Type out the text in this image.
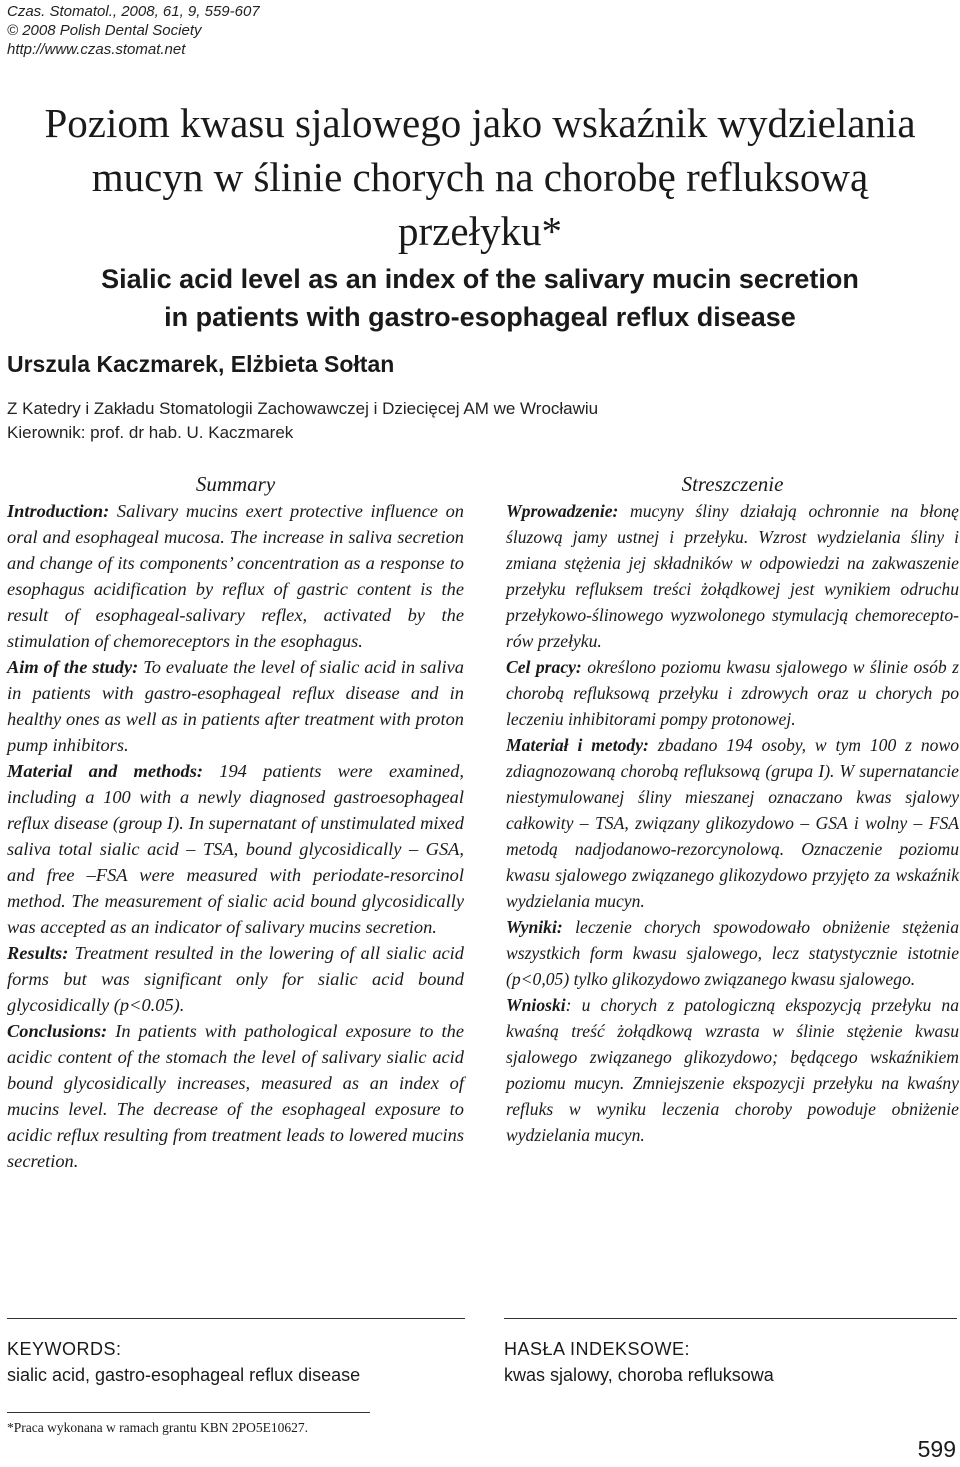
Czas. Stomatol., 2008, 61, 9, 559-607
© 2008 Polish Dental Society
http://www.czas.stomat.net
Poziom kwasu sjalowego jako wskaźnik wydzielania
mucyn w ślinie chorych na chorobę refluksową
przełyku*
Sialic acid level as an index of the salivary mucin secretion
in patients with gastro-esophageal reflux disease
Urszula Kaczmarek, Elżbieta Sołtan
Z Katedry i Zakładu Stomatologii Zachowawczej i Dziecięcej AM we Wrocławiu
Kierownik: prof. dr hab. U. Kaczmarek
Summary

Introduction: Salivary mucins exert protective influence on oral and esophageal mucosa. The increase in saliva secretion and change of its components’ concentration as a response to esophagus acidification by reflux of gastric content is the result of esophageal-salivary reflex, activated by the stimulation of chemoreceptors in the esophagus.

Aim of the study: To evaluate the level of sialic acid in saliva in patients with gastro-esophageal reflux disease and in healthy ones as well as in patients after treatment with proton pump inhibitors.

Material and methods: 194 patients were examined, including a 100 with a newly diagnosed gastroesophageal reflux disease (group I). In supernatant of unstimulated mixed saliva total sialic acid – TSA, bound glycosidically – GSA, and free –FSA were measured with periodate-resorcinol method. The measurement of sialic acid bound glycosidically was accepted as an indicator of salivary mucins secretion.

Results: Treatment resulted in the lowering of all sialic acid forms but was significant only for sialic acid bound glycosidically (p<0.05).

Conclusions: In patients with pathological exposure to the acidic content of the stomach the level of salivary sialic acid bound glycosidically increases, measured as an index of mucins level. The decrease of the esophageal exposure to acidic reflux resulting from treatment leads to lowered mucins secretion.

Streszczenie

Wprowadzenie: mucyny śliny działają ochronnie na błonę śluzową jamy ustnej i przełyku. Wzrost wydzielania śliny i zmiana stężenia jej składników w odpowiedzi na zakwaszenie przełyku refluksem treści żołądkowej jest wynikiem odruchu przełykowo-ślinowego wyzwolonego stymulacją chemoreceptorów przełyku.

Cel pracy: określono poziomu kwasu sjalowego w ślinie osób z chorobą refluksową przełyku i zdrowych oraz u chorych po leczeniu inhibitorami pompy protonowej.

Materiał i metody: zbadano 194 osoby, w tym 100 z nowo zdiagnozowaną chorobą refluksową (grupa I). W supernatancie niestymulowanej śliny mieszanej oznaczano kwas sjalowy całkowity – TSA, związany glikozydowo – GSA i wolny – FSA metodą nadjodanowo-rezorcynolową. Oznaczenie poziomu kwasu sjalowego związanego glikozydowo przyjęto za wskaźnik wydzielania mucyn.

Wyniki: leczenie chorych spowodowało obniżenie stężenia wszystkich form kwasu sjalowego, lecz statystycznie istotnie (p<0,05) tylko glikozydowo związanego kwasu sjalowego.

Wnioski: u chorych z patologiczną ekspozycją przełyku na kwaśną treść żołądkową wzrasta w ślinie stężenie kwasu sjalowego związanego glikozydowo; będącego wskaźnikiem poziomu mucyn. Zmniejszenie ekspozycji przełyku na kwaśny refluks w wyniku leczenia choroby powoduje obniżenie wydzielania mucyn.

KEYWORDS:
sialic acid, gastro-esophageal reflux disease
HASŁA INDEKSOWE:
kwas sjalowy, choroba refluksowa
*Praca wykonana w ramach grantu KBN 2PO5E10627.
599
